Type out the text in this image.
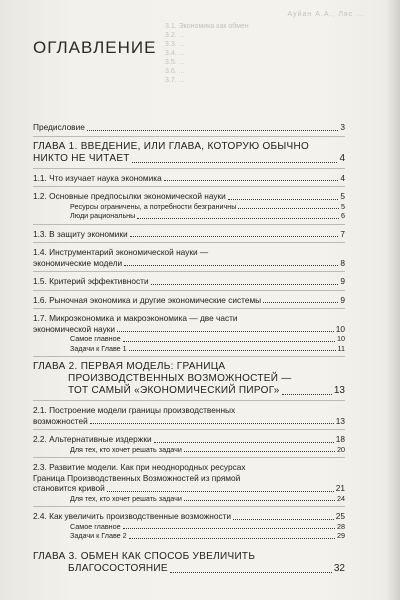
Ауйан А.А., Ляс ...
3.1. Экономика как обмен
3.2. ...
3.3. ...
3.4. ...
3.5. ...
3.6. ...
3.7. ...
ОГЛАВЛЕНИЕ
Предисловие	3
ГЛАВА 1. ВВЕДЕНИЕ, ИЛИ ГЛАВА, КОТОРУЮ ОБЫЧНО
НИКТО НЕ ЧИТАЕТ	4
1.1. Что изучает наука экономика	4
1.2. Основные предпосылки экономической науки	5
Ресурсы ограничены, а потребности безграничны	5
Люди рациональны	6
1.3. В защиту экономики	7
1.4. Инструментарий экономической науки —
экономические модели	8
1.5. Критерий эффективности	9
1.6. Рыночная экономика и другие экономические системы	9
1.7. Микроэкономика и макроэкономика — две части
экономической науки	10
Самое главное	10
Задачи к Главе 1	11
ГЛАВА 2. ПЕРВАЯ МОДЕЛЬ: ГРАНИЦА
ПРОИЗВОДСТВЕННЫХ ВОЗМОЖНОСТЕЙ —
ТОТ САМЫЙ «ЭКОНОМИЧЕСКИЙ ПИРОГ»	13
2.1. Построение модели границы производственных
возможностей	13
2.2. Альтернативные издержки	18
Для тех, кто хочет решать задачи	20
2.3. Развитие модели. Как при неоднородных ресурсах
Граница Производственных Возможностей из прямой
становится кривой	21
Для тех, кто хочет решать задачи	24
2.4. Как увеличить производственные возможности	25
Самое главное	28
Задачи к Главе 2	29
ГЛАВА 3. ОБМЕН КАК СПОСОБ УВЕЛИЧИТЬ
БЛАГОСОСТОЯНИЕ	32
